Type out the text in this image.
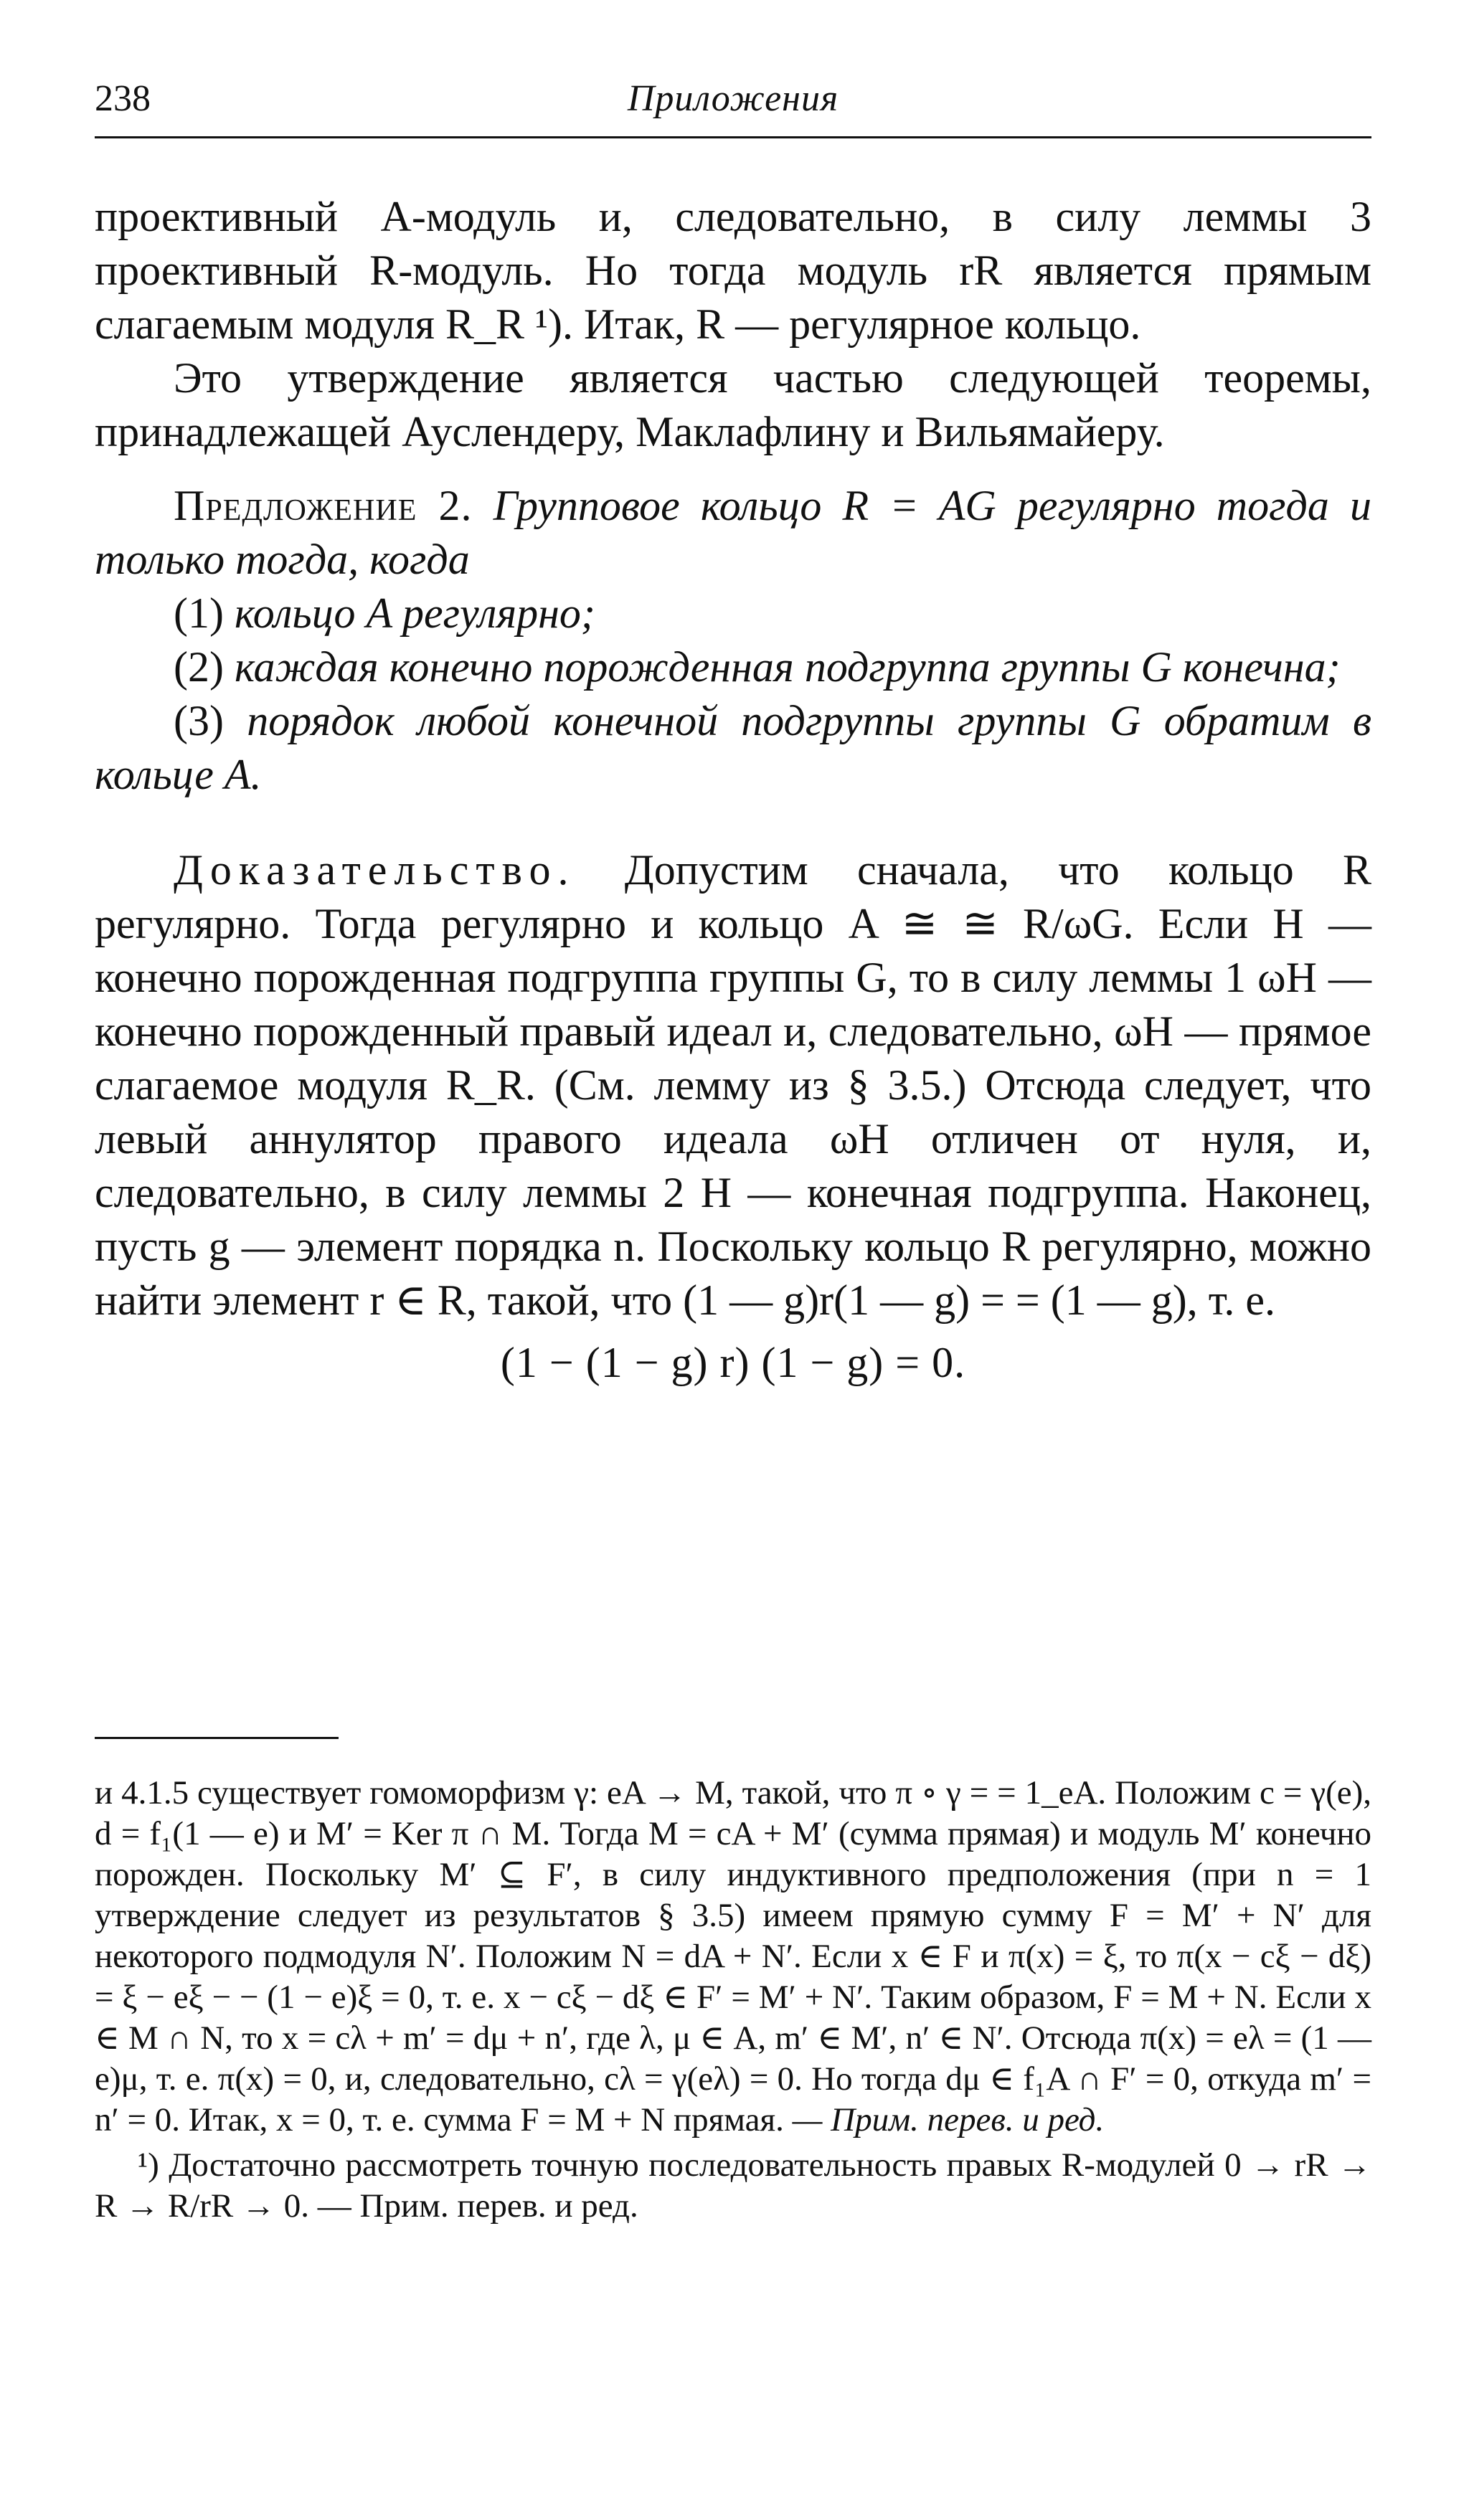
238	Приложения

проективный A-модуль и, следовательно, в силу леммы 3 проективный R-модуль. Но тогда модуль rR является прямым слагаемым модуля R_R ¹). Итак, R — регулярное кольцо.

Это утверждение является частью следующей теоремы, принадлежащей Ауслендеру, Маклафлину и Вильямайеру.

Предложение 2. Групповое кольцо R = AG регулярно тогда и только тогда, когда

(1) кольцо A регулярно;

(2) каждая конечно порожденная подгруппа группы G конечна;

(3) порядок любой конечной подгруппы группы G обратим в кольце A.

Доказательство. Допустим сначала, что кольцо R регулярно. Тогда регулярно и кольцо A ≅ ≅ R/ωG. Если H — конечно порожденная подгруппа группы G, то в силу леммы 1 ωH — конечно порожденный правый идеал и, следовательно, ωH — прямое слагаемое модуля R_R. (См. лемму из § 3.5.) Отсюда следует, что левый аннулятор правого идеала ωH отличен от нуля, и, следовательно, в силу леммы 2 H — конечная подгруппа. Наконец, пусть g — элемент порядка n. Поскольку кольцо R регулярно, можно найти элемент r ∈ R, такой, что (1 — g)r(1 — g) = = (1 — g), т. е.

(1 − (1 − g) r) (1 − g) = 0.

и 4.1.5 существует гомоморфизм γ: eA → M, такой, что π ∘ γ = = 1_eA. Положим c = γ(e), d = f₁(1 — e) и M′ = Ker π ∩ M. Тогда M = cA + M′ (сумма прямая) и модуль M′ конечно порожден. Поскольку M′ ⊆ F′, в силу индуктивного предположения (при n = 1 утверждение следует из результатов § 3.5) имеем прямую сумму F = M′ + N′ для некоторого подмодуля N′. Положим N = dA + N′. Если x ∈ F и π(x) = ξ, то π(x − cξ − dξ) = ξ − eξ − − (1 − e)ξ = 0, т. е. x − cξ − dξ ∈ F′ = M′ + N′. Таким образом, F = M + N. Если x ∈ M ∩ N, то x = cλ + m′ = dμ + n′, где λ, μ ∈ A, m′ ∈ M′, n′ ∈ N′. Отсюда π(x) = eλ = (1 — e)μ, т. е. π(x) = 0, и, следовательно, cλ = γ(eλ) = 0. Но тогда dμ ∈ f₁A ∩ F′ = 0, откуда m′ = n′ = 0. Итак, x = 0, т. е. сумма F = M + N прямая. — Прим. перев. и ред.

¹) Достаточно рассмотреть точную последовательность правых R-модулей 0 → rR → R → R/rR → 0. — Прим. перев. и ред.
